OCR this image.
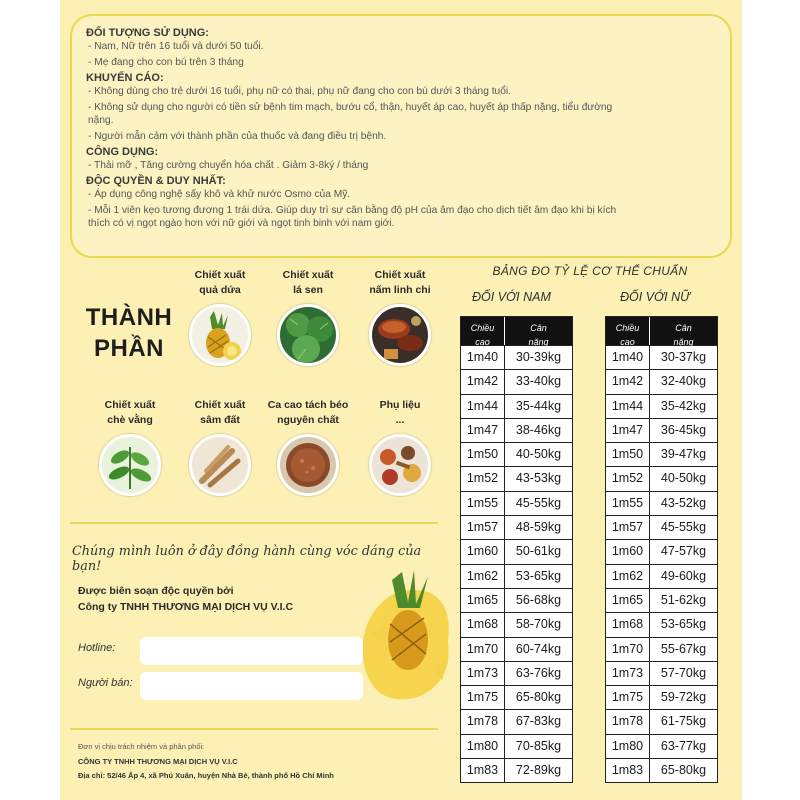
ĐỐI TƯỢNG SỬ DỤNG:
- Nam, Nữ trên 16 tuổi và dưới 50 tuổi.
- Mẹ đang cho con bú trên 3 tháng
KHUYẾN CÁO:
- Không dùng cho trẻ dưới 16 tuổi, phụ nữ có thai, phụ nữ đang cho con bú dưới 3 tháng tuổi.
- Không sử dụng cho người có tiền sử bệnh tim mạch, bướu cổ, thận, huyết áp cao, huyết áp thấp nặng, tiểu đường
nặng.
- Người mẫn cảm với thành phần của thuốc và đang điều trị bệnh.
CÔNG DỤNG:
- Thải mỡ , Tăng cường chuyển hóa chất . Giảm 3-8ký / tháng
ĐỘC QUYỀN & DUY NHẤT:
- Áp dụng công nghệ sấy khô và khử nước Osmo của Mỹ.
- Mỗi 1 viên kẹo tương đương 1 trái dứa. Giúp duy trì sự cân bằng độ pH của âm đạo cho dịch tiết âm đạo khi bị kích
thích có vị ngọt ngào hơn với nữ giới và ngọt tinh binh với nam giới.
THÀNH
PHẦN
Chiết xuất
quả dứa
Chiết xuất
lá sen
Chiết xuất
nấm linh chi
Chiết xuất
chè vằng
Chiết xuất
sâm đất
Ca cao tách béo
nguyên chất
Phụ liệu
...
Chúng mình luôn ở đây đồng hành cùng vóc dáng của bạn!
Được biên soạn độc quyền bởi
Công ty TNHH THƯƠNG MẠI DỊCH VỤ V.I.C
Hotline:
Người bán:
Đơn vị chịu trách nhiệm và phân phối:
CÔNG TY TNHH THƯƠNG MẠI DỊCH VỤ V.I.C
Địa chỉ: 52/46 Ấp 4, xã Phú Xuân, huyện Nhà Bè, thành phố Hồ Chí Minh
BẢNG ĐO TỶ LỆ CƠ THỂ CHUẨN
ĐỐI VỚI NAM	ĐỐI VỚI NỮ
Chiều
cao
Cân
nặng
1m40	30-39kg
1m42	33-40kg
1m44	35-44kg
1m47	38-46kg
1m50	40-50kg
1m52	43-53kg
1m55	45-55kg
1m57	48-59kg
1m60	50-61kg
1m62	53-65kg
1m65	56-68kg
1m68	58-70kg
1m70	60-74kg
1m73	63-76kg
1m75	65-80kg
1m78	67-83kg
1m80	70-85kg
1m83	72-89kg
Chiều
cao
Cân
nặng
1m40	30-37kg
1m42	32-40kg
1m44	35-42kg
1m47	36-45kg
1m50	39-47kg
1m52	40-50kg
1m55	43-52kg
1m57	45-55kg
1m60	47-57kg
1m62	49-60kg
1m65	51-62kg
1m68	53-65kg
1m70	55-67kg
1m73	57-70kg
1m75	59-72kg
1m78	61-75kg
1m80	63-77kg
1m83	65-80kg
